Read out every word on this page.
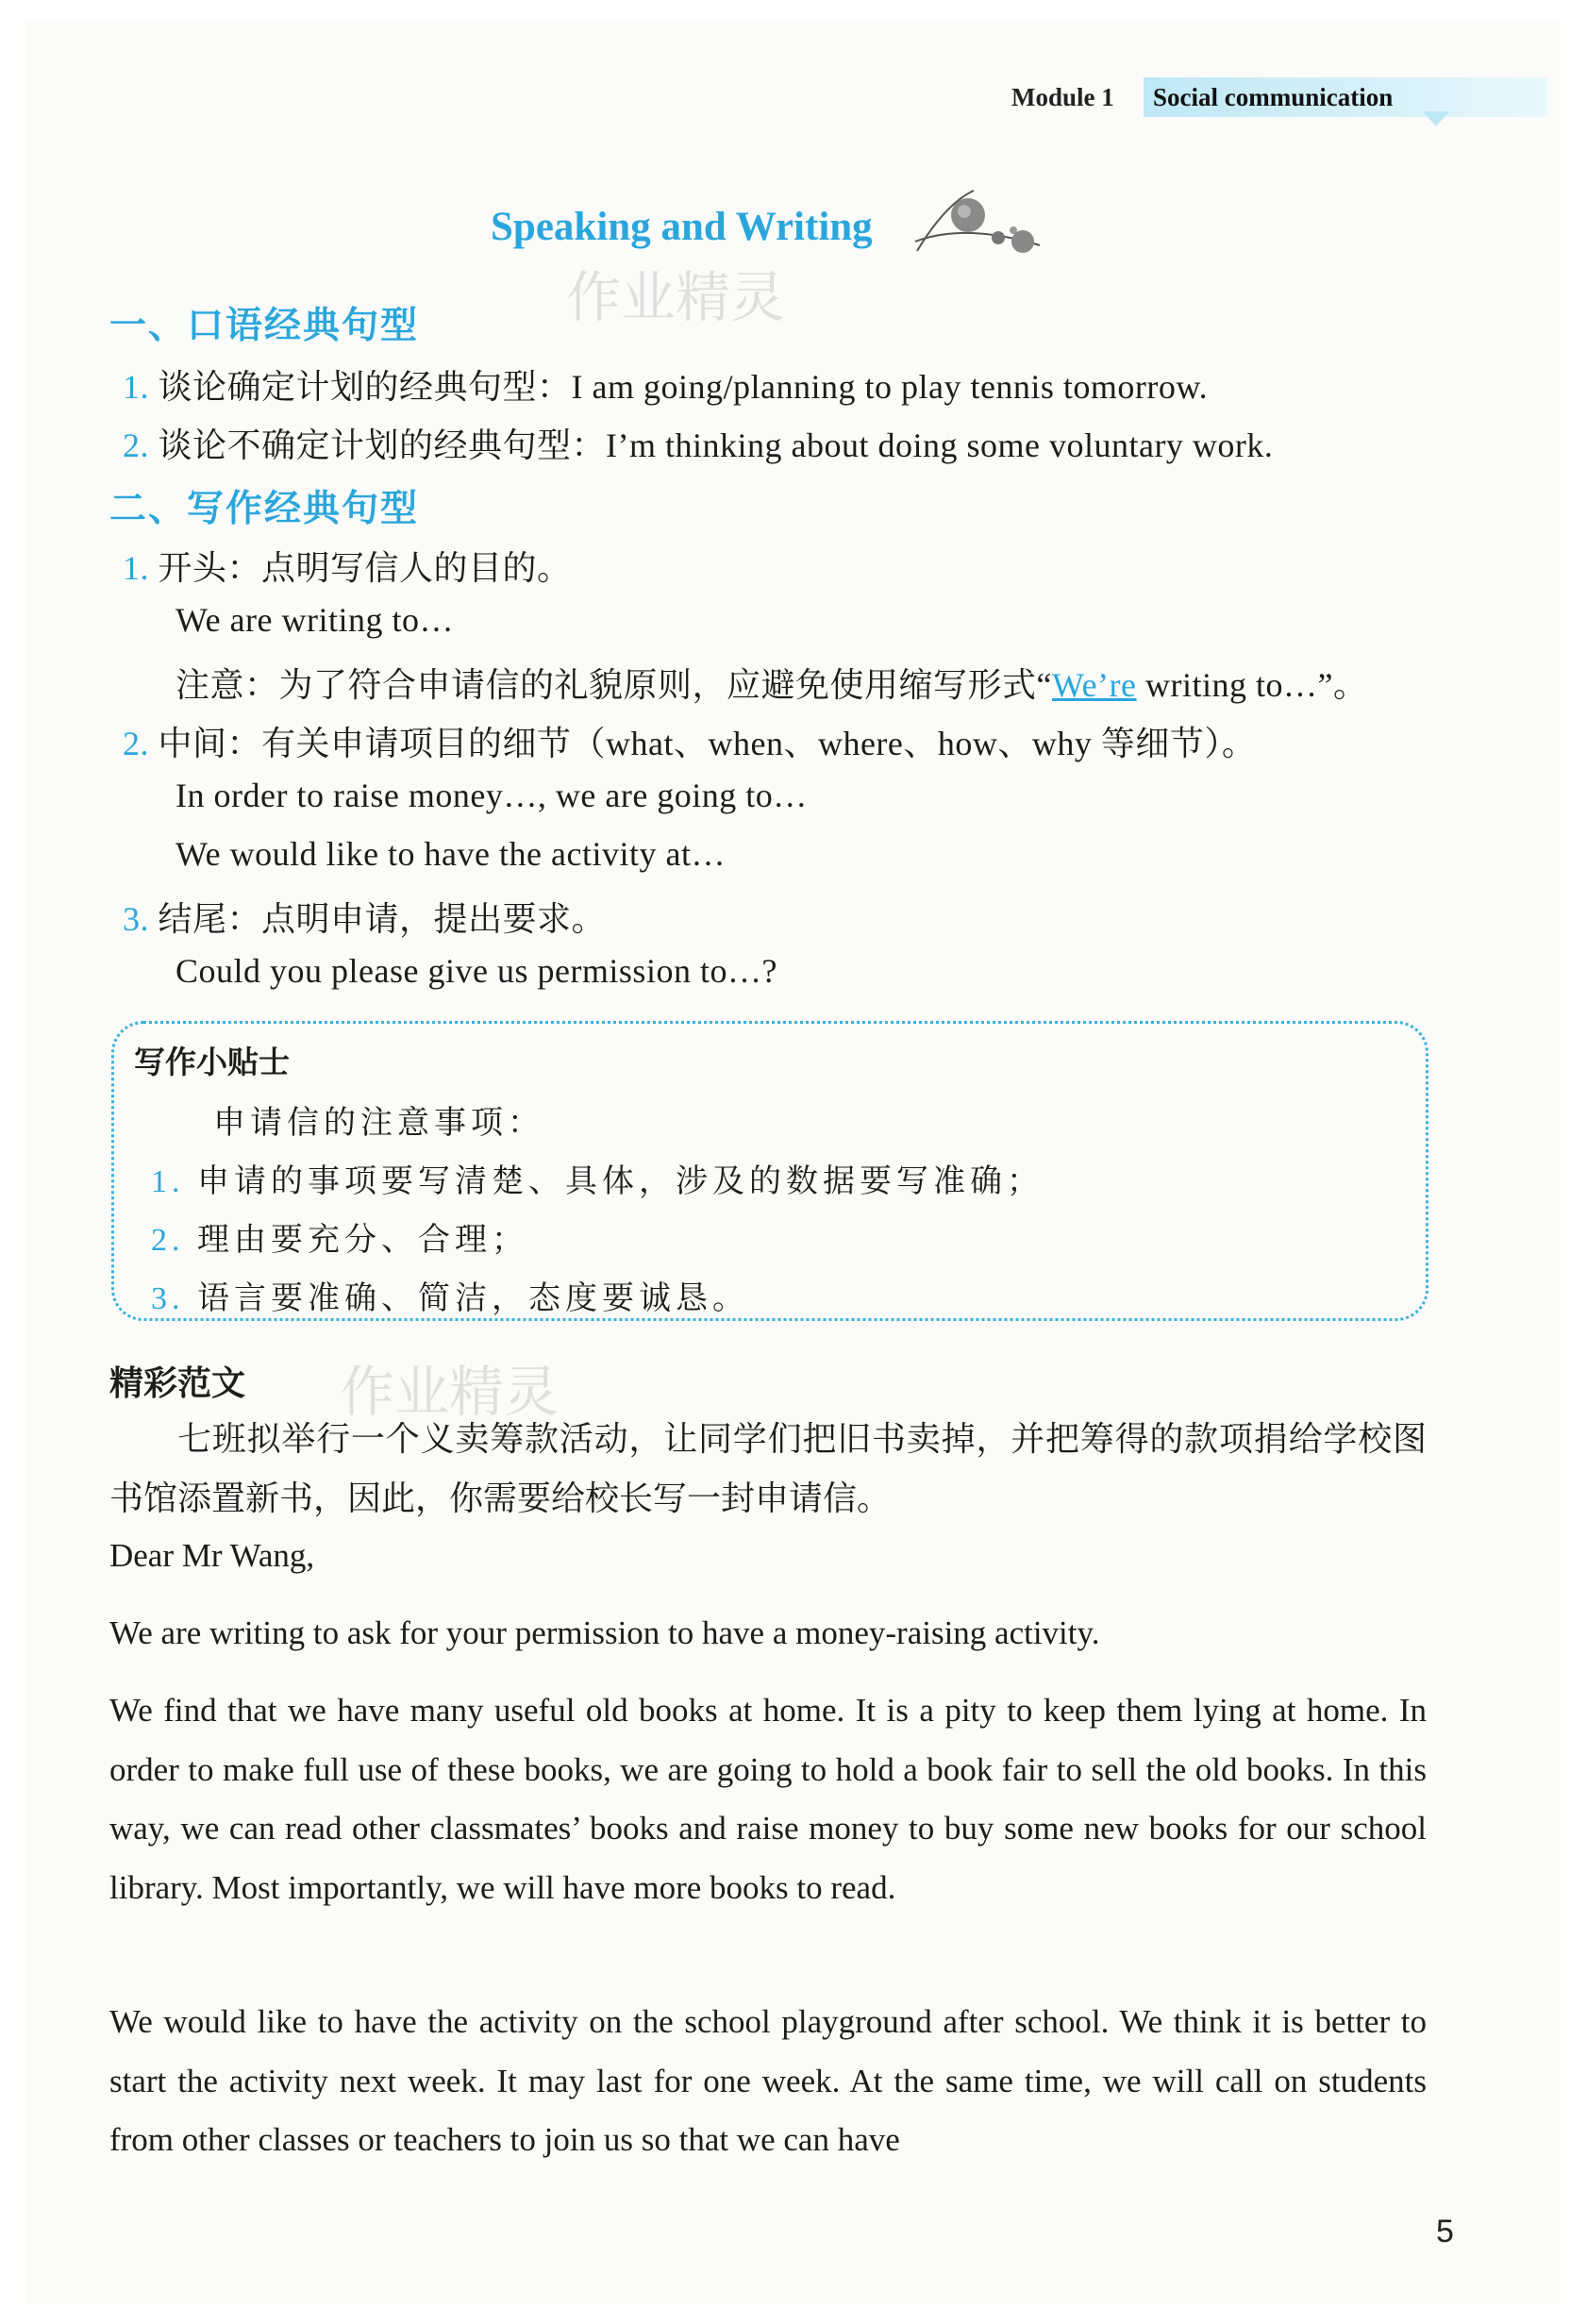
Module 1 Social communication
Speaking and Writing
作业精灵
一、口语经典句型
1. 谈论确定计划的经典句型：I am going/planning to play tennis tomorrow.
2. 谈论不确定计划的经典句型：I’m thinking about doing some voluntary work.
二、写作经典句型
1. 开头：点明写信人的目的。
We are writing to…
注意：为了符合申请信的礼貌原则，应避免使用缩写形式“We’re writing to…”。
2. 中间：有关申请项目的细节（what、when、where、how、why 等细节）。
In order to raise money…, we are going to…
We would like to have the activity at…
3. 结尾：点明申请，提出要求。
Could you please give us permission to…?
写作小贴士
申请信的注意事项：
1. 申请的事项要写清楚、具体，涉及的数据要写准确；
2. 理由要充分、合理；
3. 语言要准确、简洁，态度要诚恳。
精彩范文 作业精灵
七班拟举行一个义卖筹款活动，让同学们把旧书卖掉，并把筹得的款项捐给学校图书馆添置新书，因此，你需要给校长写一封申请信。
Dear Mr Wang,
We are writing to ask for your permission to have a money-raising activity.
We find that we have many useful old books at home. It is a pity to keep them lying at home. In order to make full use of these books, we are going to hold a book fair to sell the old books. In this way, we can read other classmates’ books and raise money to buy some new books for our school library. Most importantly, we will have more books to read.
We would like to have the activity on the school playground after school. We think it is better to start the activity next week. It may last for one week. At the same time, we will call on students from other classes or teachers to join us so that we can have
5
